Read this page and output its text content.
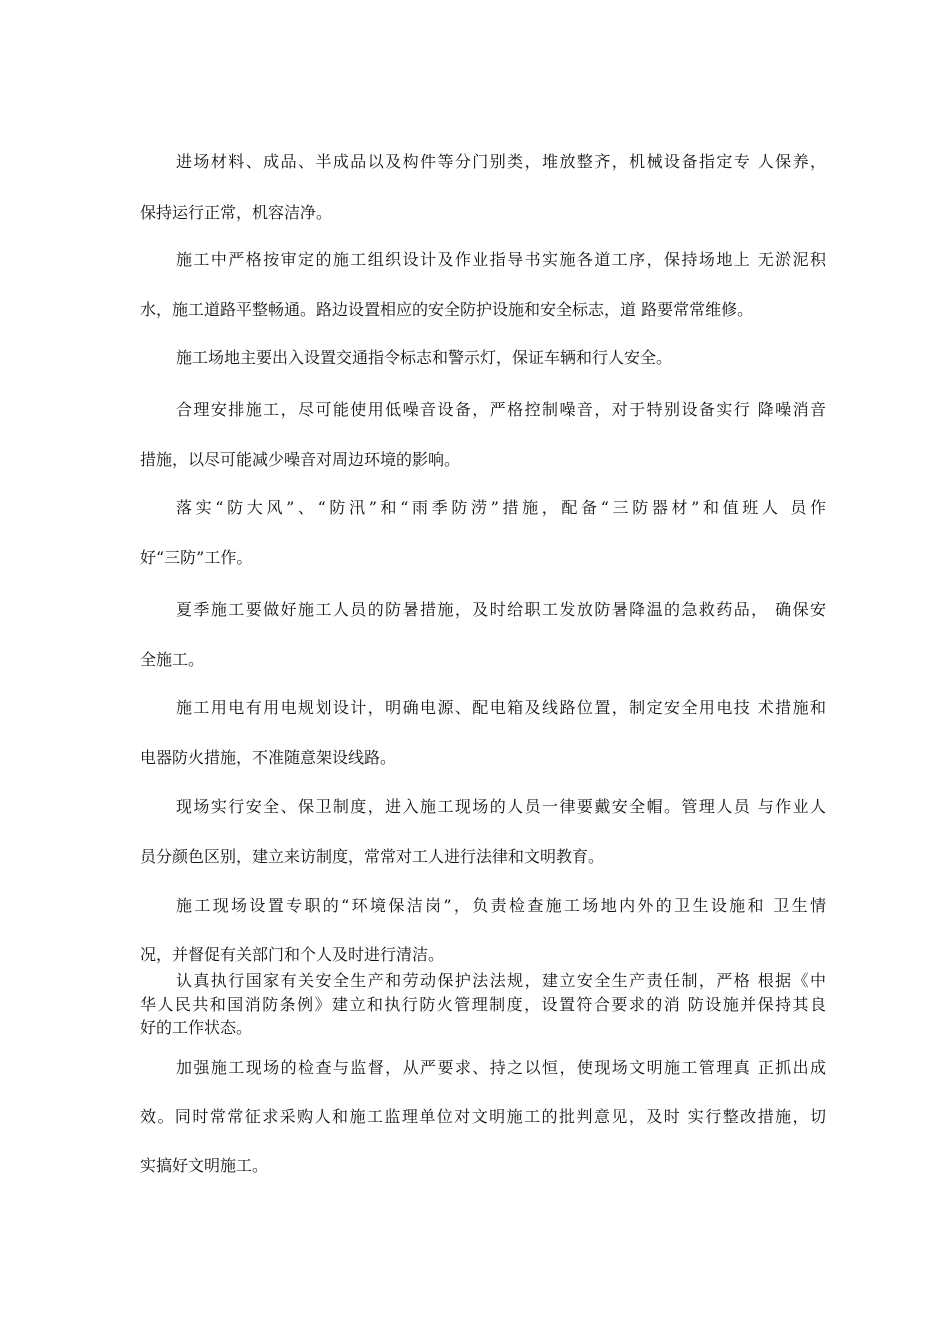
进场材料、成品、半成品以及构件等分门别类，堆放整齐，机械设备指定专 人保养，
保持运行正常，机容洁净。
施工中严格按审定的施工组织设计及作业指导书实施各道工序，保持场地上 无淤泥积
水，施工道路平整畅通。路边设置相应的安全防护设施和安全标志，道 路要常常维修。
施工场地主要出入设置交通指令标志和警示灯，保证车辆和行人安全。
合理安排施工，尽可能使用低噪音设备，严格控制噪音，对于特别设备实行 降噪消音
措施，以尽可能减少噪音对周边环境的影响。
落实“防大风”、“防汛”和“雨季防涝”措施，配备“三防器材”和值班人 员作
好“三防”工作。
夏季施工要做好施工人员的防暑措施，及时给职工发放防暑降温的急救药品， 确保安
全施工。
施工用电有用电规划设计，明确电源、配电箱及线路位置，制定安全用电技 术措施和
电器防火措施，不准随意架设线路。
现场实行安全、保卫制度，进入施工现场的人员一律要戴安全帽。管理人员 与作业人
员分颜色区别，建立来访制度，常常对工人进行法律和文明教育。
施工现场设置专职的“环境保洁岗”，负责检查施工场地内外的卫生设施和 卫生情
况，并督促有关部门和个人及时进行清洁。
认真执行国家有关安全生产和劳动保护法法规，建立安全生产责任制，严格 根据《中
华人民共和国消防条例》建立和执行防火管理制度，设置符合要求的消 防设施并保持其良
好的工作状态。
加强施工现场的检查与监督，从严要求、持之以恒，使现场文明施工管理真 正抓出成
效。同时常常征求采购人和施工监理单位对文明施工的批判意见，及时 实行整改措施，切
实搞好文明施工。
